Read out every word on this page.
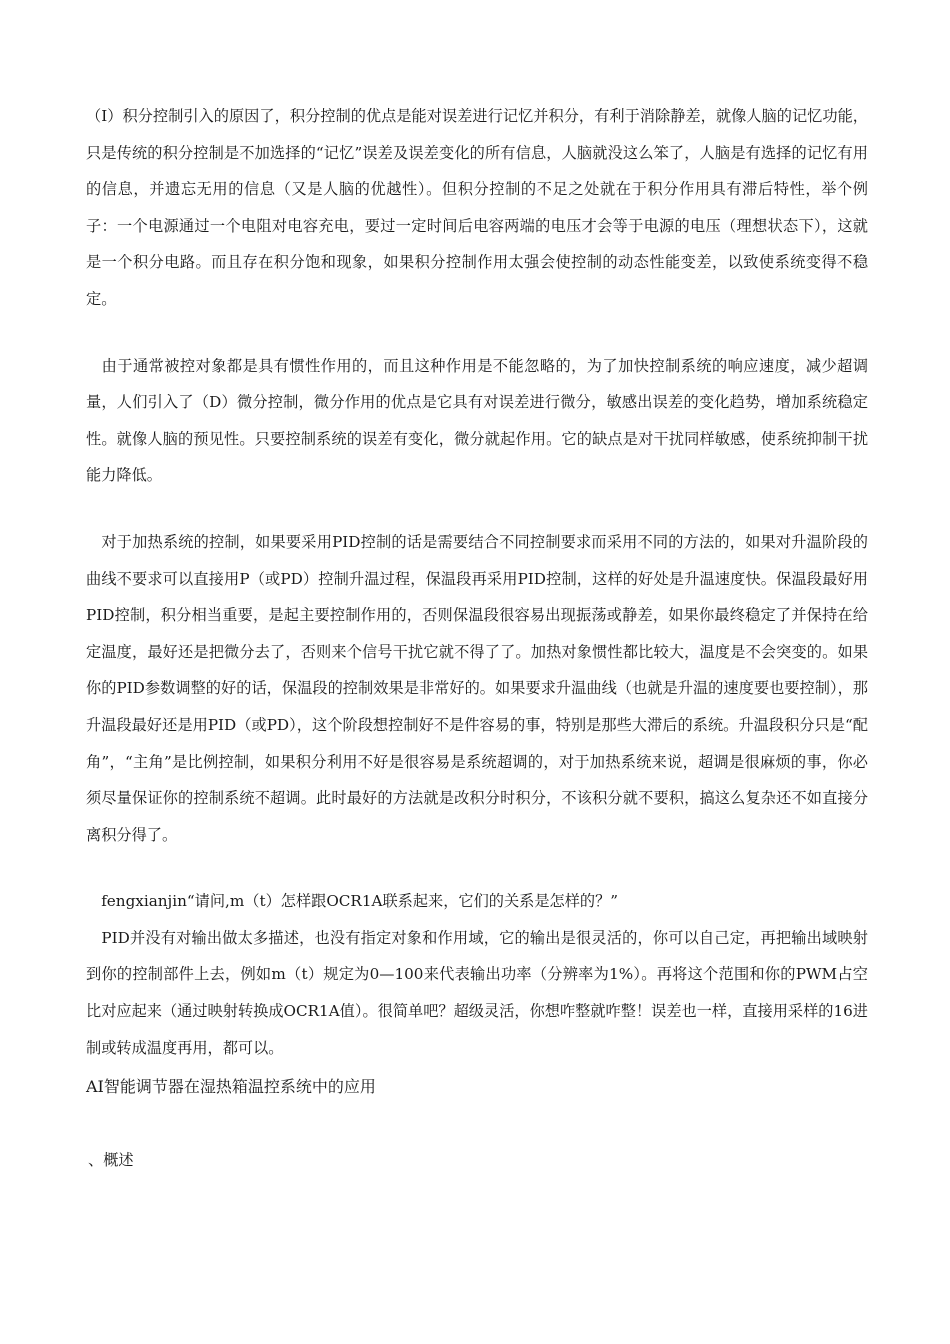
（I）积分控制引入的原因了，积分控制的优点是能对误差进行记忆并积分，有利于消除静差，就像人脑的记忆功能，只是传统的积分控制是不加选择的“记忆”误差及误差变化的所有信息，人脑就没这么笨了，人脑是有选择的记忆有用的信息，并遗忘无用的信息（又是人脑的优越性）。但积分控制的不足之处就在于积分作用具有滞后特性，举个例子：一个电源通过一个电阻对电容充电，要过一定时间后电容两端的电压才会等于电源的电压（理想状态下），这就是一个积分电路。而且存在积分饱和现象，如果积分控制作用太强会使控制的动态性能变差，以致使系统变得不稳定。

　由于通常被控对象都是具有惯性作用的，而且这种作用是不能忽略的，为了加快控制系统的响应速度，减少超调量，人们引入了（D）微分控制，微分作用的优点是它具有对误差进行微分，敏感出误差的变化趋势，增加系统稳定性。就像人脑的预见性。只要控制系统的误差有变化，微分就起作用。它的缺点是对干扰同样敏感，使系统抑制干扰能力降低。

　对于加热系统的控制，如果要采用PID控制的话是需要结合不同控制要求而采用不同的方法的，如果对升温阶段的曲线不要求可以直接用P（或PD）控制升温过程，保温段再采用PID控制，这样的好处是升温速度快。保温段最好用PID控制，积分相当重要，是起主要控制作用的，否则保温段很容易出现振荡或静差，如果你最终稳定了并保持在给定温度，最好还是把微分去了，否则来个信号干扰它就不得了了。加热对象惯性都比较大，温度是不会突变的。如果你的PID参数调整的好的话，保温段的控制效果是非常好的。如果要求升温曲线（也就是升温的速度要也要控制），那升温段最好还是用PID（或PD），这个阶段想控制好不是件容易的事，特别是那些大滞后的系统。升温段积分只是“配角”，“主角”是比例控制，如果积分利用不好是很容易是系统超调的，对于加热系统来说，超调是很麻烦的事，你必须尽量保证你的控制系统不超调。此时最好的方法就是改积分时积分，不该积分就不要积，搞这么复杂还不如直接分离积分得了。

　fengxianjin“请问,m（t）怎样跟OCR1A联系起来，它们的关系是怎样的？”

　PID并没有对输出做太多描述，也没有指定对象和作用域，它的输出是很灵活的，你可以自己定，再把输出域映射到你的控制部件上去，例如m（t）规定为0—100来代表输出功率（分辨率为1%）。再将这个范围和你的PWM占空比对应起来（通过映射转换成OCR1A值）。很简单吧？超级灵活，你想咋整就咋整！误差也一样，直接用采样的16进制或转成温度再用，都可以。

AI智能调节器在湿热箱温控系统中的应用
、概述
